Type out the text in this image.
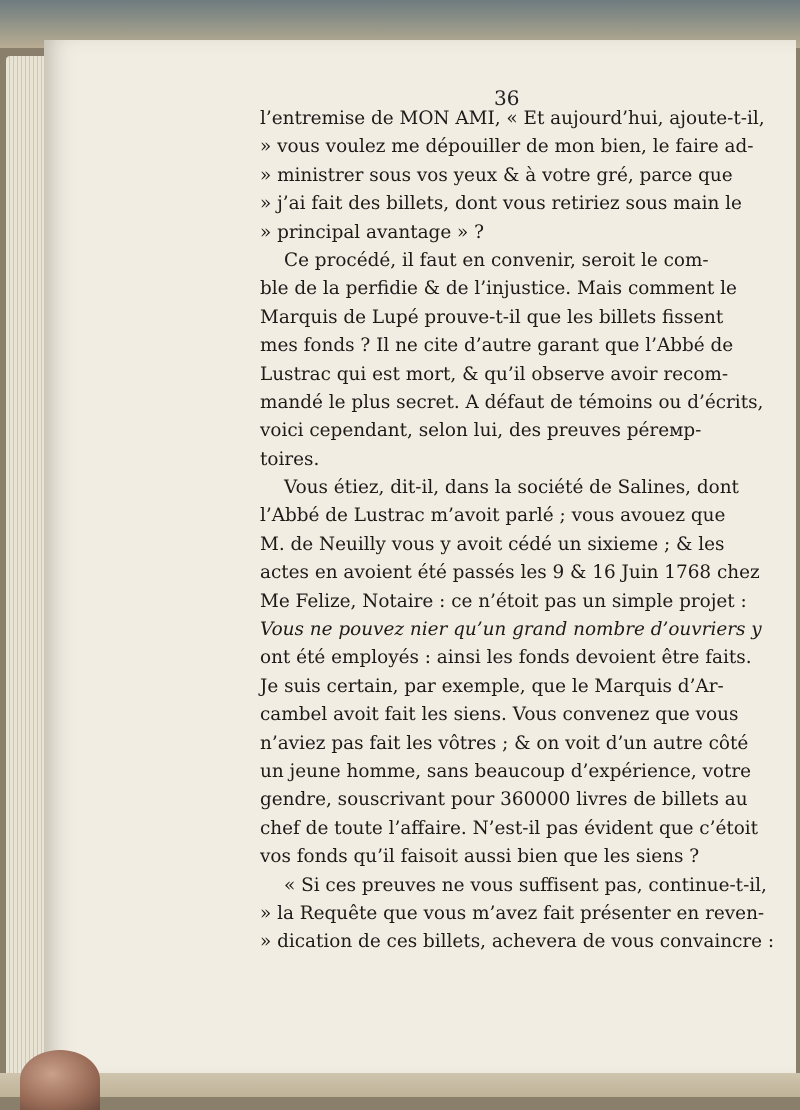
36
l’entremise de MON AMI, « Et aujourd’hui, ajoute-t-il,
» vous voulez me dépouiller de mon bien, le faire ad-
» ministrer sous vos yeux & à votre gré, parce que
» j’ai fait des billets, dont vous retiriez sous main le
» principal avantage » ?
Ce procédé, il faut en convenir, seroit le com-
ble de la perfidie & de l’injustice. Mais comment le
Marquis de Lupé prouve-t-il que les billets fissent
mes fonds ? Il ne cite d’autre garant que l’Abbé de
Lustrac qui est mort, & qu’il observe avoir recom-
mandé le plus secret. A défaut de témoins ou d’écrits,
voici cependant, selon lui, des preuves pérемp-
toires.
Vous étiez, dit-il, dans la société de Salines, dont
l’Abbé de Lustrac m’avoit parlé ; vous avouez que
M. de Neuilly vous y avoit cédé un sixieme ; & les
actes en avoient été passés les 9 & 16 Juin 1768 chez
Me Felize, Notaire : ce n’étoit pas un simple projet :
Vous ne pouvez nier qu’un grand nombre d’ouvriers y
ont été employés : ainsi les fonds devoient être faits.
Je suis certain, par exemple, que le Marquis d’Ar-
cambel avoit fait les siens. Vous convenez que vous
n’aviez pas fait les vôtres ; & on voit d’un autre côté
un jeune homme, sans beaucoup d’expérience, votre
gendre, souscrivant pour 360000 livres de billets au
chef de toute l’affaire. N’est-il pas évident que c’étoit
vos fonds qu’il faisoit aussi bien que les siens ?
« Si ces preuves ne vous suffisent pas, continue-t-il,
» la Requête que vous m’avez fait présenter en reven-
» dication de ces billets, achevera de vous convaincre :
